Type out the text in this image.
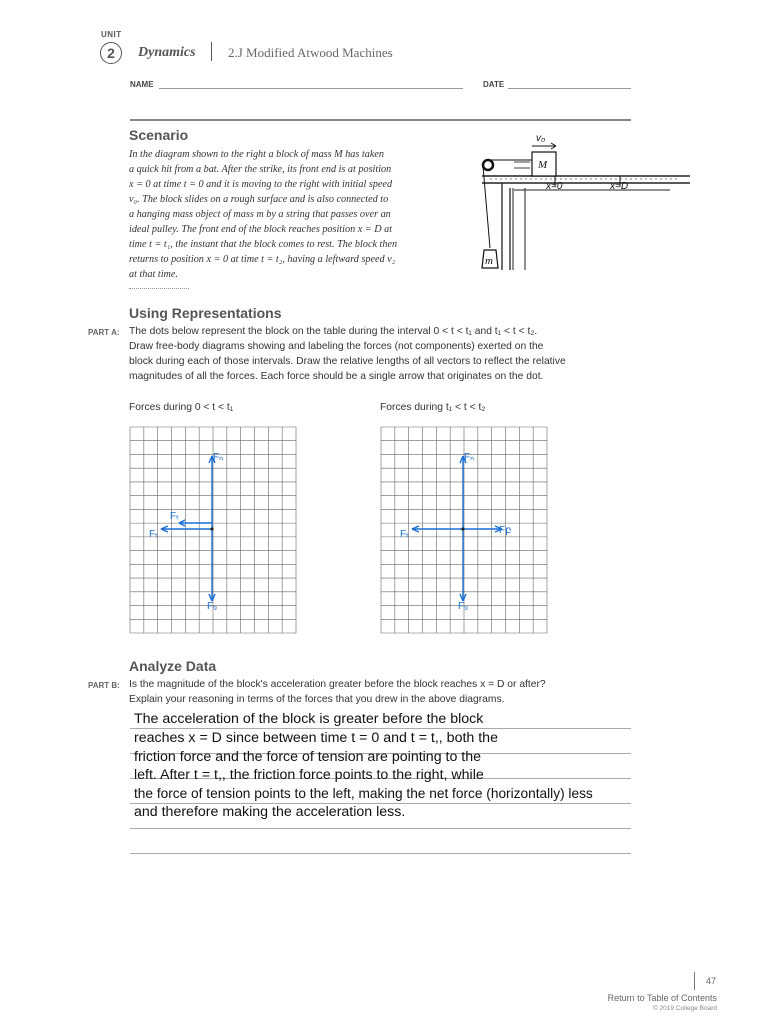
UNIT
2	Dynamics 2.J Modified Atwood Machines
NAME	DATE
Scenario
In the diagram shown to the right a block of mass M has taken
a quick hit from a bat. After the strike, its front end is at position
x = 0 at time t = 0 and it is moving to the right with initial speed
v₀. The block slides on a rough surface and is also connected to
a hanging mass object of mass m by a string that passes over an
ideal pulley. The front end of the block reaches position x = D at
time t = t₁, the instant that the block comes to rest. The block then
returns to position x = 0 at time t = t₂, having a leftward speed v₂
at that time.
M
v₀
x=0	x=D
m
Using Representations
PART A: The dots below represent the block on the table during the interval 0 < t < t₁ and t₁ < t < t₂.
Draw free-body diagrams showing and labeling the forces (not components) exerted on the
block during each of those intervals. Draw the relative lengths of all vectors to reflect the relative
magnitudes of all the forces. Each force should be a single arrow that originates on the dot.
Forces during 0 < t < t₁	Forces during t₁ < t < t₂
Fₙ
F₉
Fₜ
Fₜ
Fₙ
F₉
Fₜ	Fբ
Analyze Data
PART B: Is the magnitude of the block's acceleration greater before the block reaches x = D or after?
Explain your reasoning in terms of the forces that you drew in the above diagrams.
The acceleration of the block is greater before the block
reaches x = D since between time t = 0 and t = t,, both the
friction force and the force of tension are pointing to the
left. After t = t,, the friction force points to the right, while
the force of tension points to the left, making the net force (horizontally) less
and therefore making the acceleration less.
47
Return to Table of Contents
© 2019 College Board
